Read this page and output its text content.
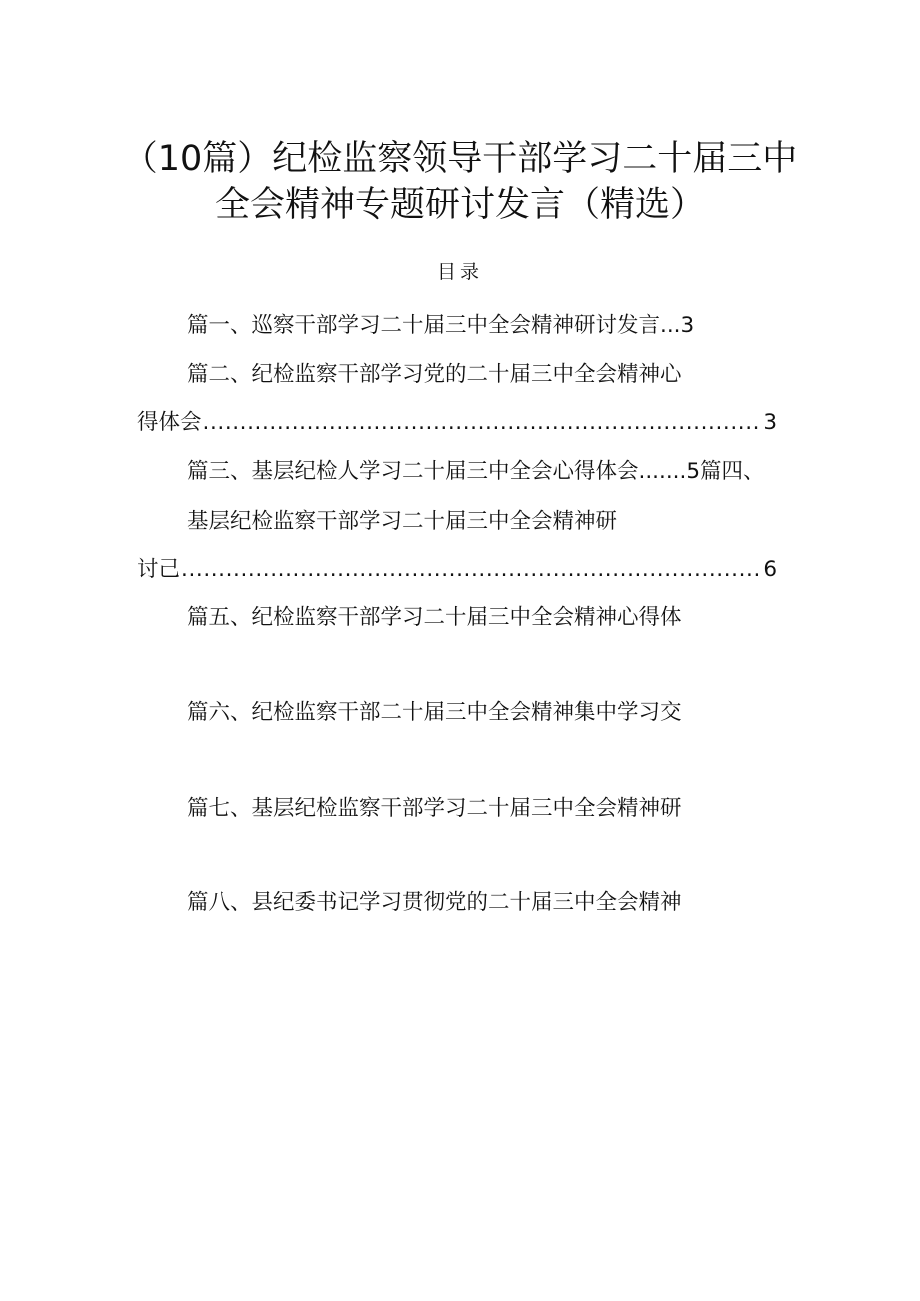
（10篇）纪检监察领导干部学习二十届三中
全会精神专题研讨发言（精选）
目录
篇一、巡察干部学习二十届三中全会精神研讨发言...3
篇二、纪检监察干部学习党的二十届三中全会精神心
得体会 .....	3
篇三、基层纪检人学习二十届三中全会心得体会.......5篇四、
基层纪检监察干部学习二十届三中全会精神研
讨己 .....	6
篇五、纪检监察干部学习二十届三中全会精神心得体
篇六、纪检监察干部二十届三中全会精神集中学习交
篇七、基层纪检监察干部学习二十届三中全会精神研
篇八、县纪委书记学习贯彻党的二十届三中全会精神
